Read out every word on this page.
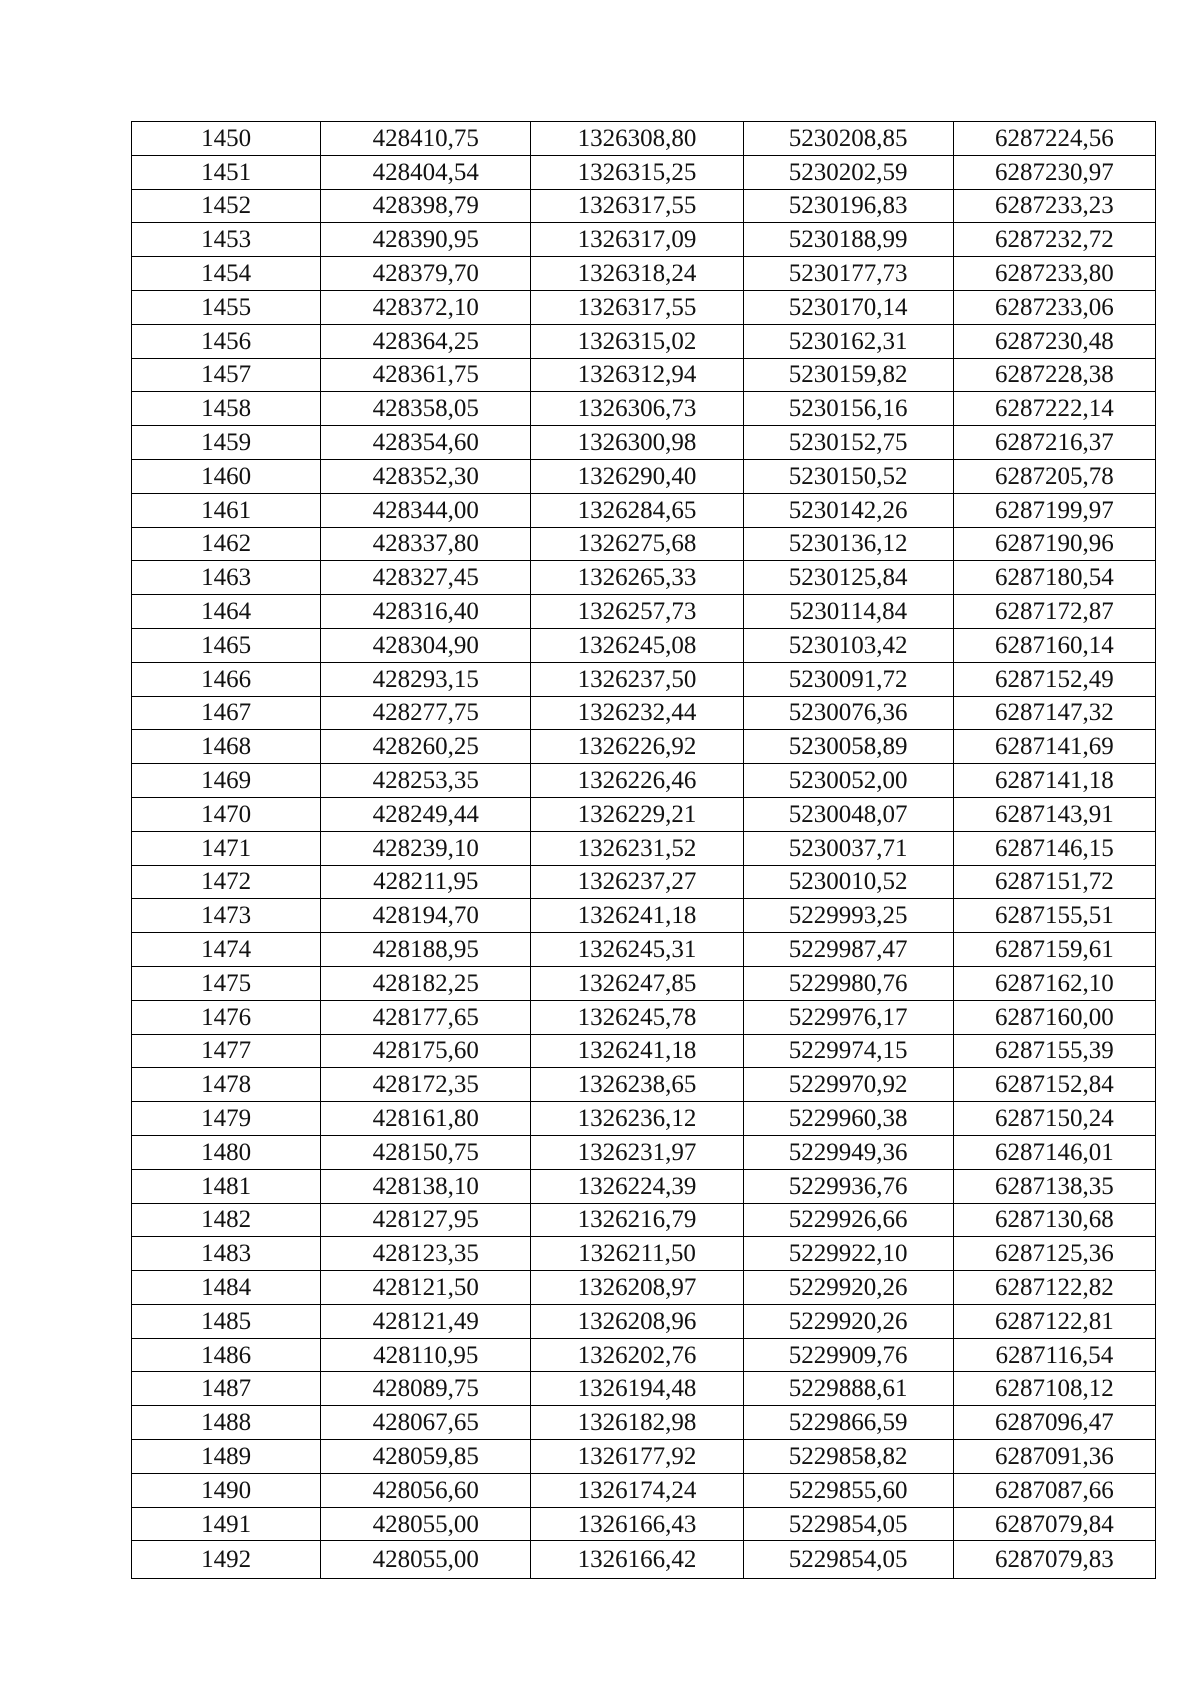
1450	428410,75	1326308,80	5230208,85	6287224,56
1451	428404,54	1326315,25	5230202,59	6287230,97
1452	428398,79	1326317,55	5230196,83	6287233,23
1453	428390,95	1326317,09	5230188,99	6287232,72
1454	428379,70	1326318,24	5230177,73	6287233,80
1455	428372,10	1326317,55	5230170,14	6287233,06
1456	428364,25	1326315,02	5230162,31	6287230,48
1457	428361,75	1326312,94	5230159,82	6287228,38
1458	428358,05	1326306,73	5230156,16	6287222,14
1459	428354,60	1326300,98	5230152,75	6287216,37
1460	428352,30	1326290,40	5230150,52	6287205,78
1461	428344,00	1326284,65	5230142,26	6287199,97
1462	428337,80	1326275,68	5230136,12	6287190,96
1463	428327,45	1326265,33	5230125,84	6287180,54
1464	428316,40	1326257,73	5230114,84	6287172,87
1465	428304,90	1326245,08	5230103,42	6287160,14
1466	428293,15	1326237,50	5230091,72	6287152,49
1467	428277,75	1326232,44	5230076,36	6287147,32
1468	428260,25	1326226,92	5230058,89	6287141,69
1469	428253,35	1326226,46	5230052,00	6287141,18
1470	428249,44	1326229,21	5230048,07	6287143,91
1471	428239,10	1326231,52	5230037,71	6287146,15
1472	428211,95	1326237,27	5230010,52	6287151,72
1473	428194,70	1326241,18	5229993,25	6287155,51
1474	428188,95	1326245,31	5229987,47	6287159,61
1475	428182,25	1326247,85	5229980,76	6287162,10
1476	428177,65	1326245,78	5229976,17	6287160,00
1477	428175,60	1326241,18	5229974,15	6287155,39
1478	428172,35	1326238,65	5229970,92	6287152,84
1479	428161,80	1326236,12	5229960,38	6287150,24
1480	428150,75	1326231,97	5229949,36	6287146,01
1481	428138,10	1326224,39	5229936,76	6287138,35
1482	428127,95	1326216,79	5229926,66	6287130,68
1483	428123,35	1326211,50	5229922,10	6287125,36
1484	428121,50	1326208,97	5229920,26	6287122,82
1485	428121,49	1326208,96	5229920,26	6287122,81
1486	428110,95	1326202,76	5229909,76	6287116,54
1487	428089,75	1326194,48	5229888,61	6287108,12
1488	428067,65	1326182,98	5229866,59	6287096,47
1489	428059,85	1326177,92	5229858,82	6287091,36
1490	428056,60	1326174,24	5229855,60	6287087,66
1491	428055,00	1326166,43	5229854,05	6287079,84
1492	428055,00	1326166,42	5229854,05	6287079,83
